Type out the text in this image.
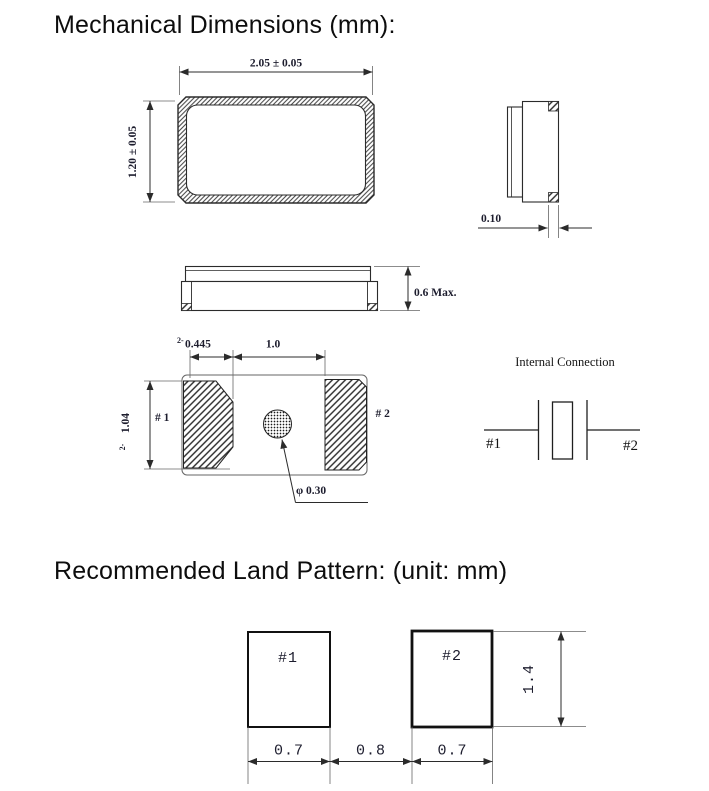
Mechanical Dimensions (mm):
Recommended Land Pattern: (unit: mm)
2.05 ± 0.05
1.20 ± 0.05
0.10
0.6 Max.
2- 0.445	1.0
1.04
2-
# 1	# 2
φ 0.30
Internal Connection
#1	#2
#1	#2
1.4
0.7	0.8	0.7
